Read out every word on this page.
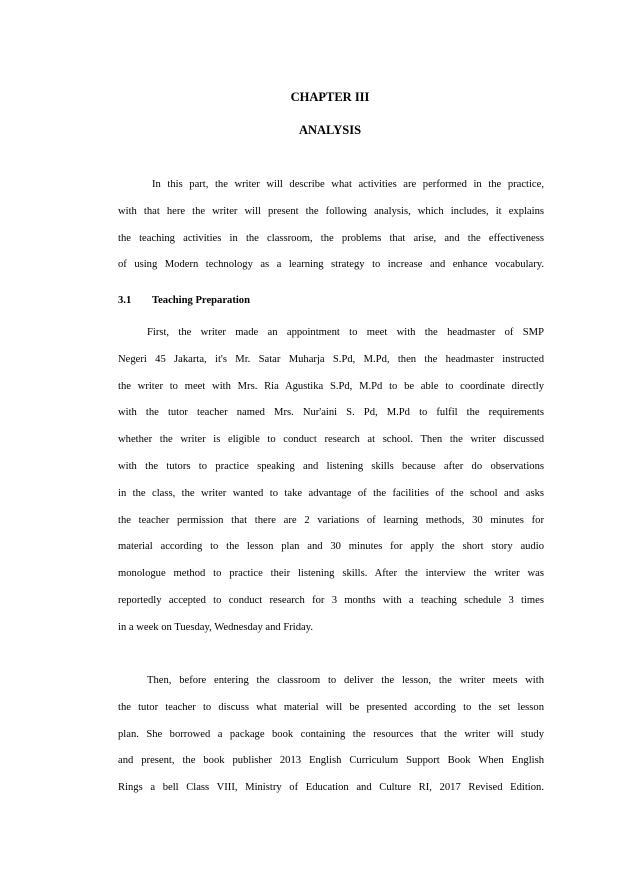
CHAPTER III
ANALYSIS
In this part, the writer will describe what activities are performed in the practice,
with that here the writer will present the following analysis, which includes, it explains
the teaching activities in the classroom, the problems that arise, and the effectiveness
of using Modern technology as a learning strategy to increase and enhance vocabulary.
3.1 Teaching Preparation
First, the writer made an appointment to meet with the headmaster of SMP
Negeri 45 Jakarta, it's Mr. Satar Muharja S.Pd, M.Pd, then the headmaster instructed
the writer to meet with Mrs. Ria Agustika S.Pd, M.Pd to be able to coordinate directly
with the tutor teacher named Mrs. Nur'aini S. Pd, M.Pd to fulfil the requirements
whether the writer is eligible to conduct research at school. Then the writer discussed
with the tutors to practice speaking and listening skills because after do observations
in the class, the writer wanted to take advantage of the facilities of the school and asks
the teacher permission that there are 2 variations of learning methods, 30 minutes for
material according to the lesson plan and 30 minutes for apply the short story audio
monologue method to practice their listening skills. After the interview the writer was
reportedly accepted to conduct research for 3 months with a teaching schedule 3 times
in a week on Tuesday, Wednesday and Friday.
Then, before entering the classroom to deliver the lesson, the writer meets with
the tutor teacher to discuss what material will be presented according to the set lesson
plan. She borrowed a package book containing the resources that the writer will study
and present, the book publisher 2013 English Curriculum Support Book When English
Rings a bell Class VIII, Ministry of Education and Culture RI, 2017 Revised Edition.
